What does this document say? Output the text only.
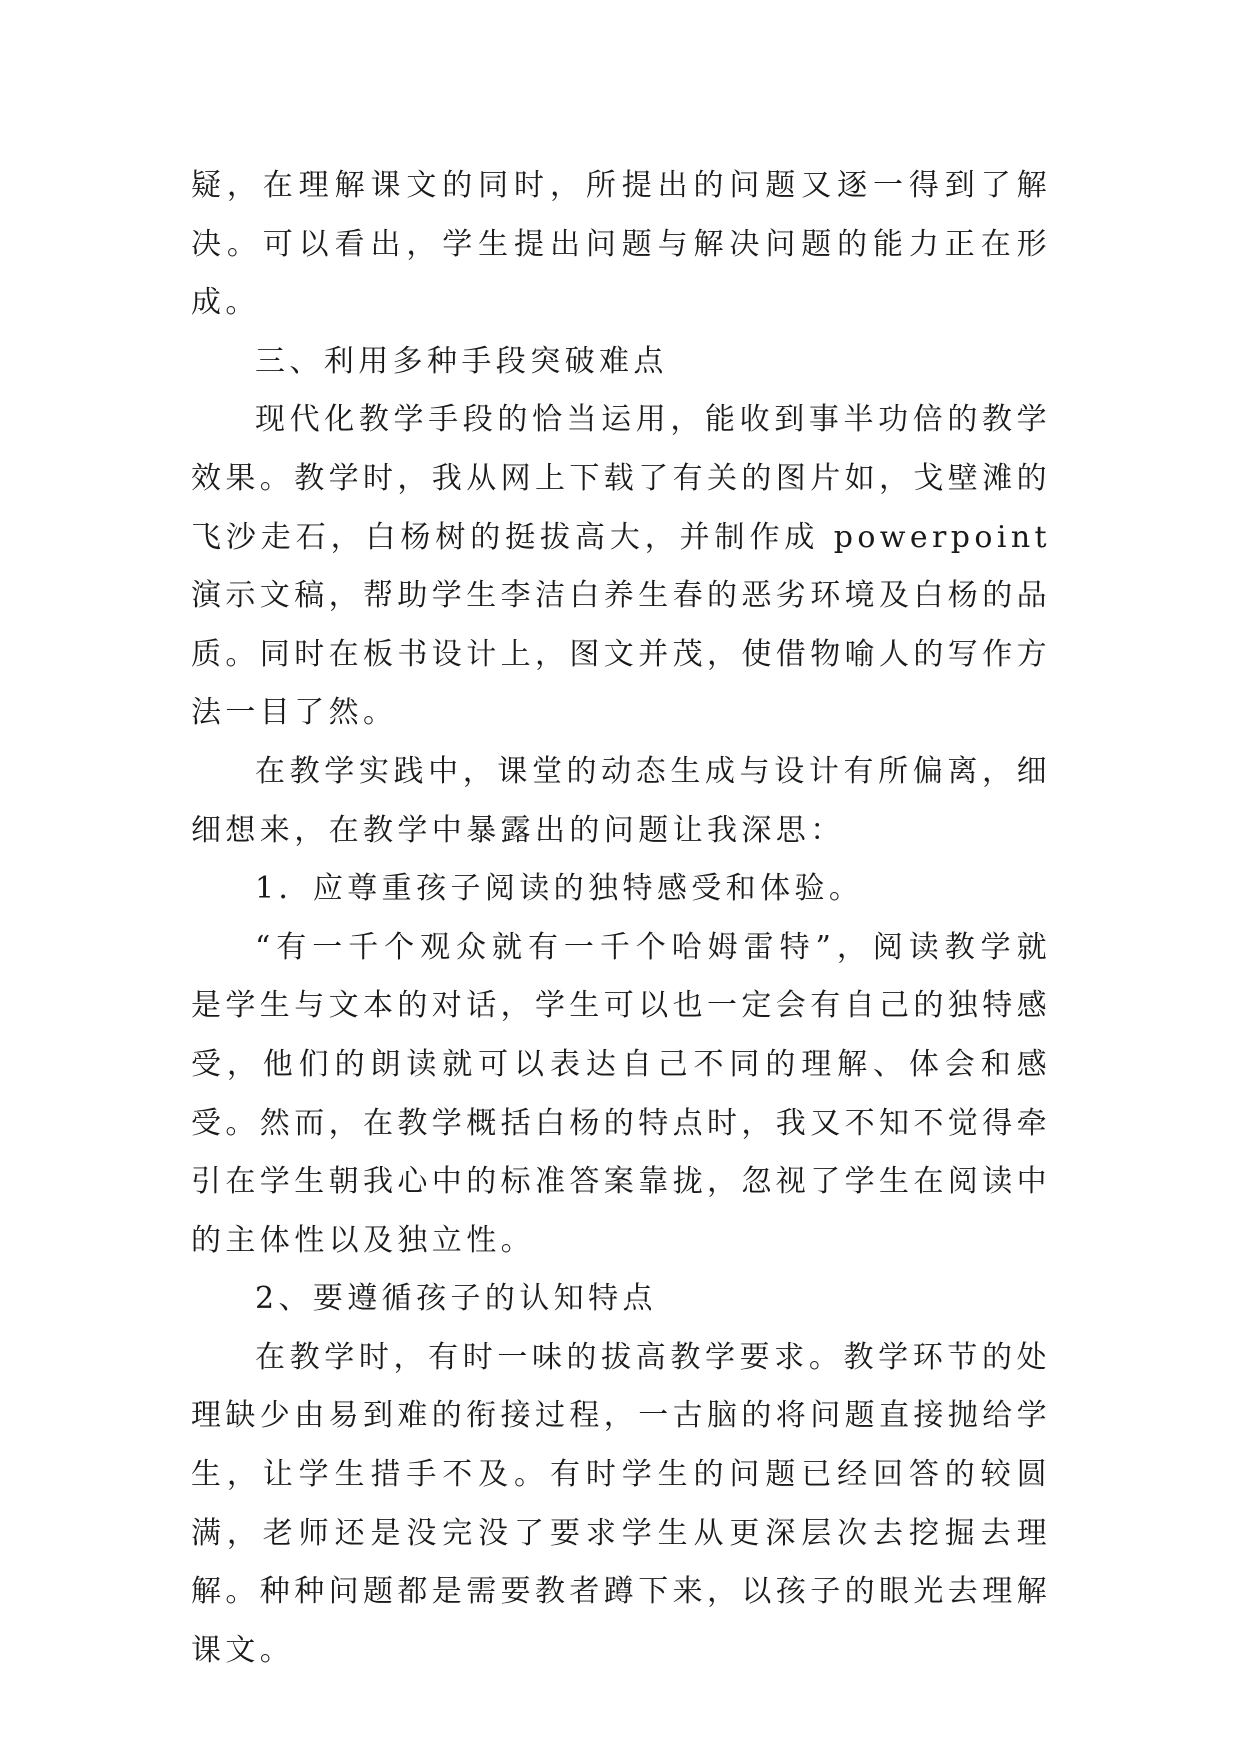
疑，在理解课文的同时，所提出的问题又逐一得到了解决。可以看出，学生提出问题与解决问题的能力正在形成。

三、利用多种手段突破难点

现代化教学手段的恰当运用，能收到事半功倍的教学效果。教学时，我从网上下载了有关的图片如，戈壁滩的飞沙走石，白杨树的挺拔高大，并制作成 powerpoint 演示文稿，帮助学生李洁白养生春的恶劣环境及白杨的品质。同时在板书设计上，图文并茂，使借物喻人的写作方法一目了然。

在教学实践中，课堂的动态生成与设计有所偏离，细细想来，在教学中暴露出的问题让我深思：

1．应尊重孩子阅读的独特感受和体验。

“有一千个观众就有一千个哈姆雷特”，阅读教学就是学生与文本的对话，学生可以也一定会有自己的独特感受，他们的朗读就可以表达自己不同的理解、体会和感受。然而，在教学概括白杨的特点时，我又不知不觉得牵引在学生朝我心中的标准答案靠拢，忽视了学生在阅读中的主体性以及独立性。

2、要遵循孩子的认知特点

在教学时，有时一味的拔高教学要求。教学环节的处理缺少由易到难的衔接过程，一古脑的将问题直接抛给学生，让学生措手不及。有时学生的问题已经回答的较圆满，老师还是没完没了要求学生从更深层次去挖掘去理解。种种问题都是需要教者蹲下来，以孩子的眼光去理解课文。
